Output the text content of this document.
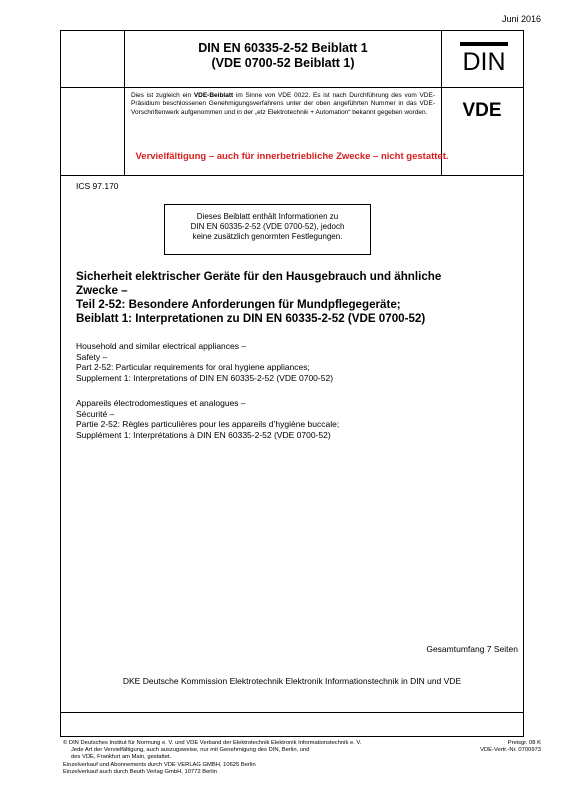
Juni 2016
DIN EN 60335-2-52 Beiblatt 1
(VDE 0700-52 Beiblatt 1)	DIN
Dies ist zugleich ein VDE-Beiblatt im Sinne von VDE 0022. Es ist nach Durchführung des vom VDE-Präsidium beschlossenen Genehmigungsverfahrens unter der oben angeführten Nummer in das VDE-Vorschriftenwerk aufgenommen und in der „etz Elektrotechnik + Automation“ bekannt gegeben worden.	VDE
Vervielfältigung – auch für innerbetriebliche Zwecke – nicht gestattet.
ICS 97.170
Dieses Beiblatt enthält Informationen zu
DIN EN 60335-2-52 (VDE 0700-52), jedoch
keine zusätzlich genormten Festlegungen.
Sicherheit elektrischer Geräte für den Hausgebrauch und ähnliche
Zwecke –
Teil 2-52: Besondere Anforderungen für Mundpflegegeräte;
Beiblatt 1: Interpretationen zu DIN EN 60335-2-52 (VDE 0700-52)
Household and similar electrical appliances –
Safety –
Part 2-52: Particular requirements for oral hygiene appliances;
Supplement 1: Interpretations of DIN EN 60335-2-52 (VDE 0700-52)
Appareils électrodomestiques et analogues –
Sécurité –
Partie 2-52: Règles particulières pour les appareils d’hygiène buccale;
Supplément 1: Interprétations à DIN EN 60335-2-52 (VDE 0700-52)
Gesamtumfang 7 Seiten
DKE Deutsche Kommission Elektrotechnik Elektronik Informationstechnik in DIN und VDE
© DIN Deutsches Institut für Normung e. V. und VDE Verband der Elektrotechnik Elektronik Informationstechnik e. V.
Jede Art der Vervielfältigung, auch auszugsweise, nur mit Genehmigung des DIN, Berlin, und
des VDE, Frankfurt am Main, gestattet.
Einzelverkauf und Abonnements durch VDE VERLAG GMBH, 10625 Berlin
Einzelverkauf auch durch Beuth Verlag GmbH, 10772 Berlin
Preisgr. 08 K
VDE-Vertr.-Nr. 0700973
